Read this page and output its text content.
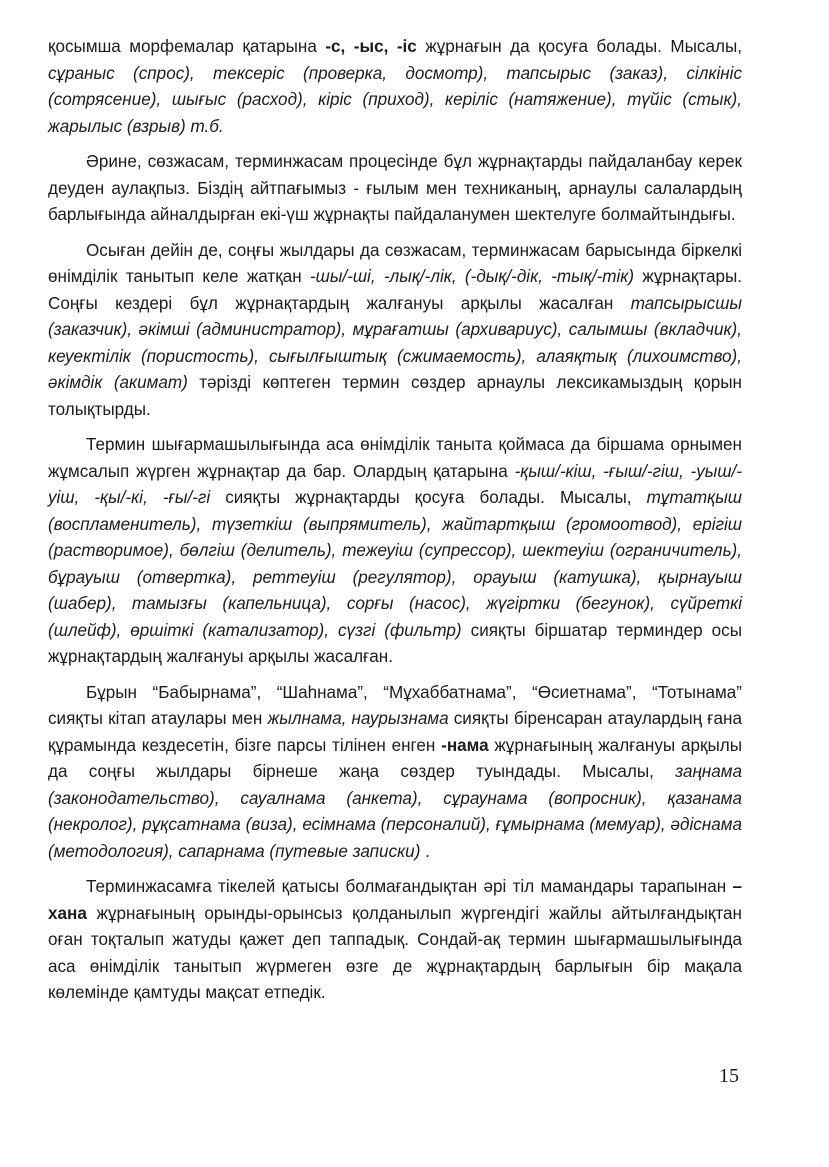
қосымша морфемалар қатарына -с, -ыс, -іс жұрнағын да қосуға болады. Мысалы, сұраныс (спрос), тексеріс (проверка, досмотр), тапсырыс (заказ), сілкініс (сотрясение), шығыс (расход), кіріс (приход), керіліс (натяжение), түйіс (стык), жарылыс (взрыв) т.б.

Әрине, сөзжасам, терминжасам процесінде бұл жұрнақтарды пайдаланбау керек деуден аулақпыз. Біздің айтпағымыз - ғылым мен техниканың, арнаулы салалардың барлығында айналдырған екі-үш жұрнақты пайдаланумен шектелуге болмайтындығы.

Осыған дейін де, соңғы жылдары да сөзжасам, терминжасам барысында біркелкі өнімділік танытып келе жатқан -шы/-ші, -лық/-лік, (-дық/-дік, -тық/-тік) жұрнақтары. Соңғы кездері бұл жұрнақтардың жалғануы арқылы жасалған тапсырысшы (заказчик), әкімші (администратор), мұрағатшы (архивариус), салымшы (вкладчик), кеуектілік (пористость), сығылғыштық (сжимаемость), алаяқтық (лихоимство), әкімдік (акимат) тәрізді көптеген термин сөздер арнаулы лексикамыздың қорын толықтырды.

Термин шығармашылығында аса өнімділік танытa қоймаса да біршама орнымен жұмсалып жүрген жұрнақтар да бар. Олардың қатарына -қыш/-кіш, -ғыш/-гіш, -уыш/-уіш, -қы/-кі, -ғы/-гі сияқты жұрнақтарды қосуға болады. Мысалы, тұтатқыш (воспламенитель), түзеткіш (выпрямитель), жайтартқыш (громоотвод), ерігіш (растворимое), бөлгіш (делитель), тежеуіш (супрессор), шектеуіш (ограничитель), бұрауыш (отвертка), реттеуіш (регулятор), орауыш (катушка), қырнауыш (шабер), тамызғы (капельница), сорғы (насос), жүгіртки (бегунок), сүйреткі (шлейф), өршіткі (катализатор), сүзгі (фильтр) сияқты біршатар терминдер осы жұрнақтардың жалғануы арқылы жасалған.

Бұрын “Бабырнама”, “Шаһнама”, “Мұхаббатнама”, “Өсиетнама”, “Тотынама” сияқты кітап атаулары мен жылнама, наурызнама сияқты біренсаран атаулардың ғана құрамында кездесетін, бізге парсы тілінен енген -нама жұрнағының жалғануы арқылы да соңғы жылдары бірнеше жаңа сөздер туындады. Мысалы, заңнама (законодательство), сауалнама (анкета), сұраунама (вопросник), қазанама (некролог), рұқсатнама (виза), есімнама (персоналий), ғұмырнама (мемуар), әдіснама (методология), сапарнама (путевые записки) .

Терминжасамға тікелей қатысы болмағандықтан әрі тіл мамандары тарапынан –хана жұрнағының орынды-орынсыз қолданылып жүргендігі жайлы айтылғандықтан оған тоқталып жатуды қажет деп таппадық. Сондай-ақ термин шығармашылығында аса өнімділік танытып жүрмеген өзге де жұрнақтардың барлығын бір мақала көлемінде қамтуды мақсат етпедік.

15
